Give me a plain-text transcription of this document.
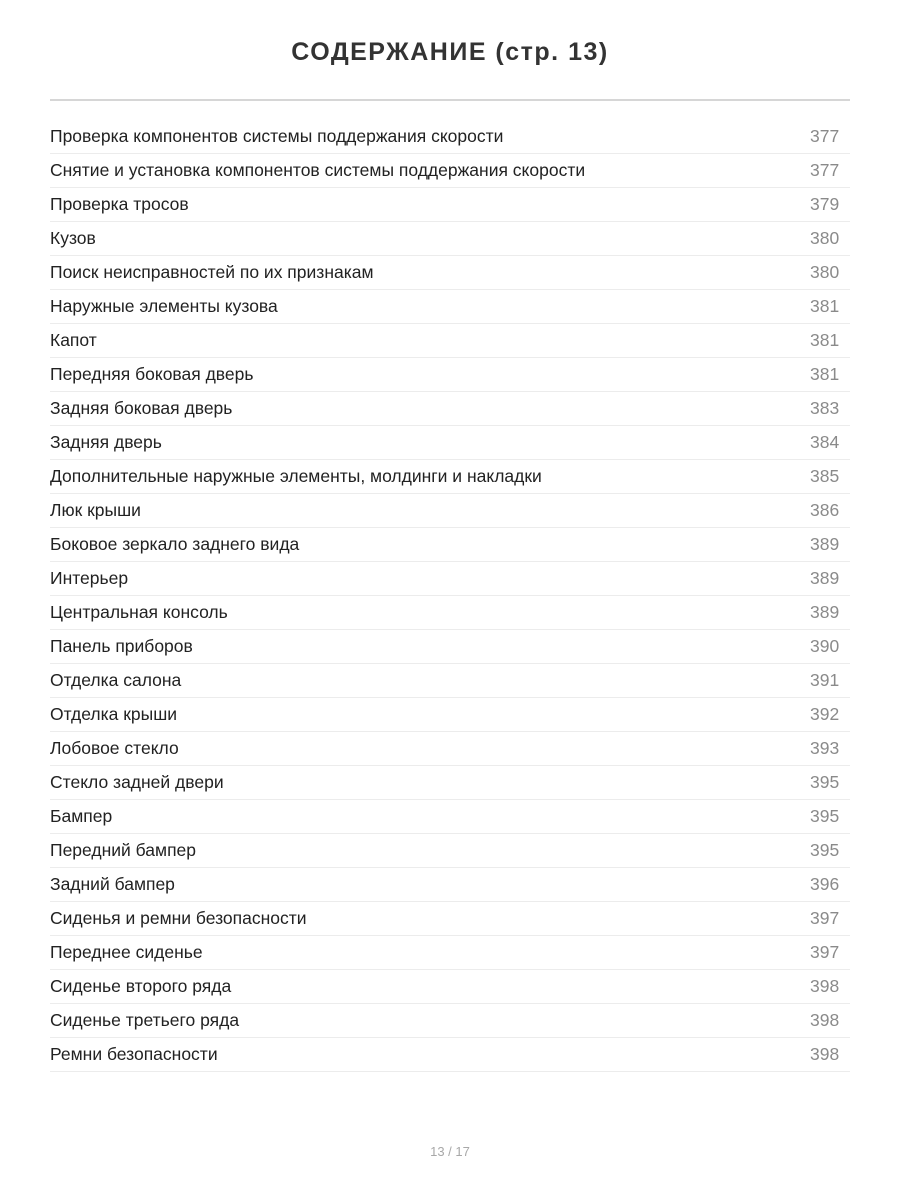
СОДЕРЖАНИЕ (стр. 13)
Проверка компонентов системы поддержания скорости	377
Снятие и установка компонентов системы поддержания скорости	377
Проверка тросов	379
Кузов	380
Поиск неисправностей по их признакам	380
Наружные элементы кузова	381
Капот	381
Передняя боковая дверь	381
Задняя боковая дверь	383
Задняя дверь	384
Дополнительные наружные элементы, молдинги и накладки	385
Люк крыши	386
Боковое зеркало заднего вида	389
Интерьер	389
Центральная консоль	389
Панель приборов	390
Отделка салона	391
Отделка крыши	392
Лобовое стекло	393
Стекло задней двери	395
Бампер	395
Передний бампер	395
Задний бампер	396
Сиденья и ремни безопасности	397
Переднее сиденье	397
Сиденье второго ряда	398
Сиденье третьего ряда	398
Ремни безопасности	398
13 / 17
